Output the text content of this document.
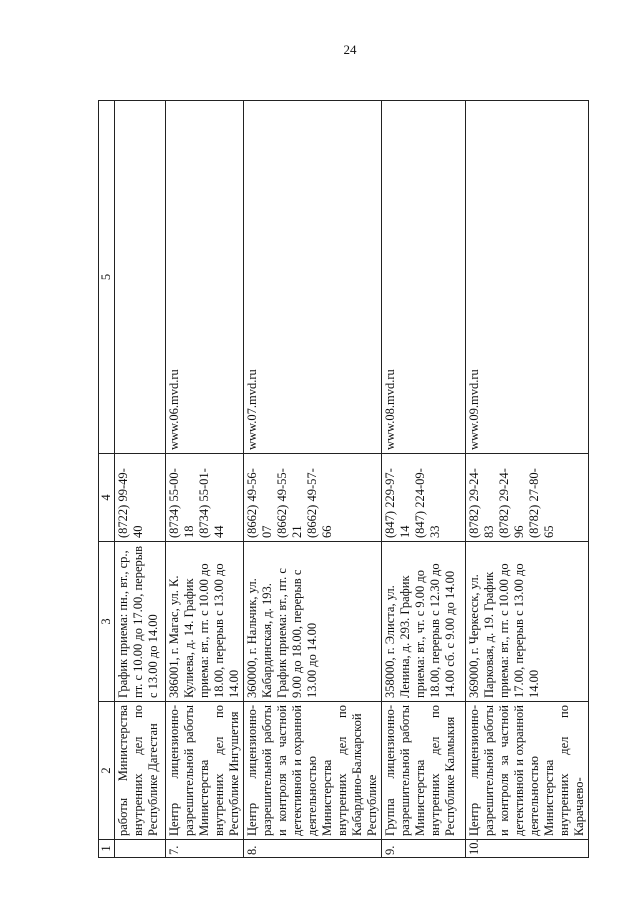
24
1	2	3	4	5
	работы Министерства внутренних дел по Республике Дагестан	График приема: пн., вт., ср., пт. с 10.00 до 17.00, перерыв с 13.00 до 14.00	(8722) 99-49-40	

7.	Центр лицензионно-разрешительной работы Министерства внутренних дел по Республике Ингушетия	386001, г. Магас, ул. К. Кулиева, д. 14. График приема: вт., пт. с 10.00 до 18.00, перерыв с 13.00 до 14.00	(8734) 55-00-18 (8734) 55-01-44	www.06.mvd.ru
8.	Центр лицензионно-разрешительной работы и контроля за частной детективной и охранной деятельностью Министерства внутренних дел по Кабардино-Балкарской Республике	360000, г. Нальчик, ул. Кабардинская, д. 193. График приема: вт., пт. с 9.00 до 18.00, перерыв с 13.00 до 14.00	(8662) 49-56-07 (8662) 49-55-21 (8662) 49-57-66	www.07.mvd.ru
9.	Группа лицензионно-разрешительной работы Министерства внутренних дел по Республике Калмыкия	358000, г. Элиста, ул. Ленина, д. 293. График приема: вт., чт. с 9.00 до 18.00, перерыв с 12.30 до 14.00 сб. с 9.00 до 14.00	(847) 229-97-14 (847) 224-09-33	www.08.mvd.ru
10.	Центр лицензионно-разрешительной работы и контроля за частной детективной и охранной деятельностью Министерства внутренних дел по Карачаево-	369000, г. Черкесск, ул. Парковая, д. 19. График приема: вт., пт. с 10.00 до 17.00, перерыв с 13.00 до 14.00	(8782) 29-24-83 (8782) 29-24-96 (8782) 27-80-65	www.09.mvd.ru
